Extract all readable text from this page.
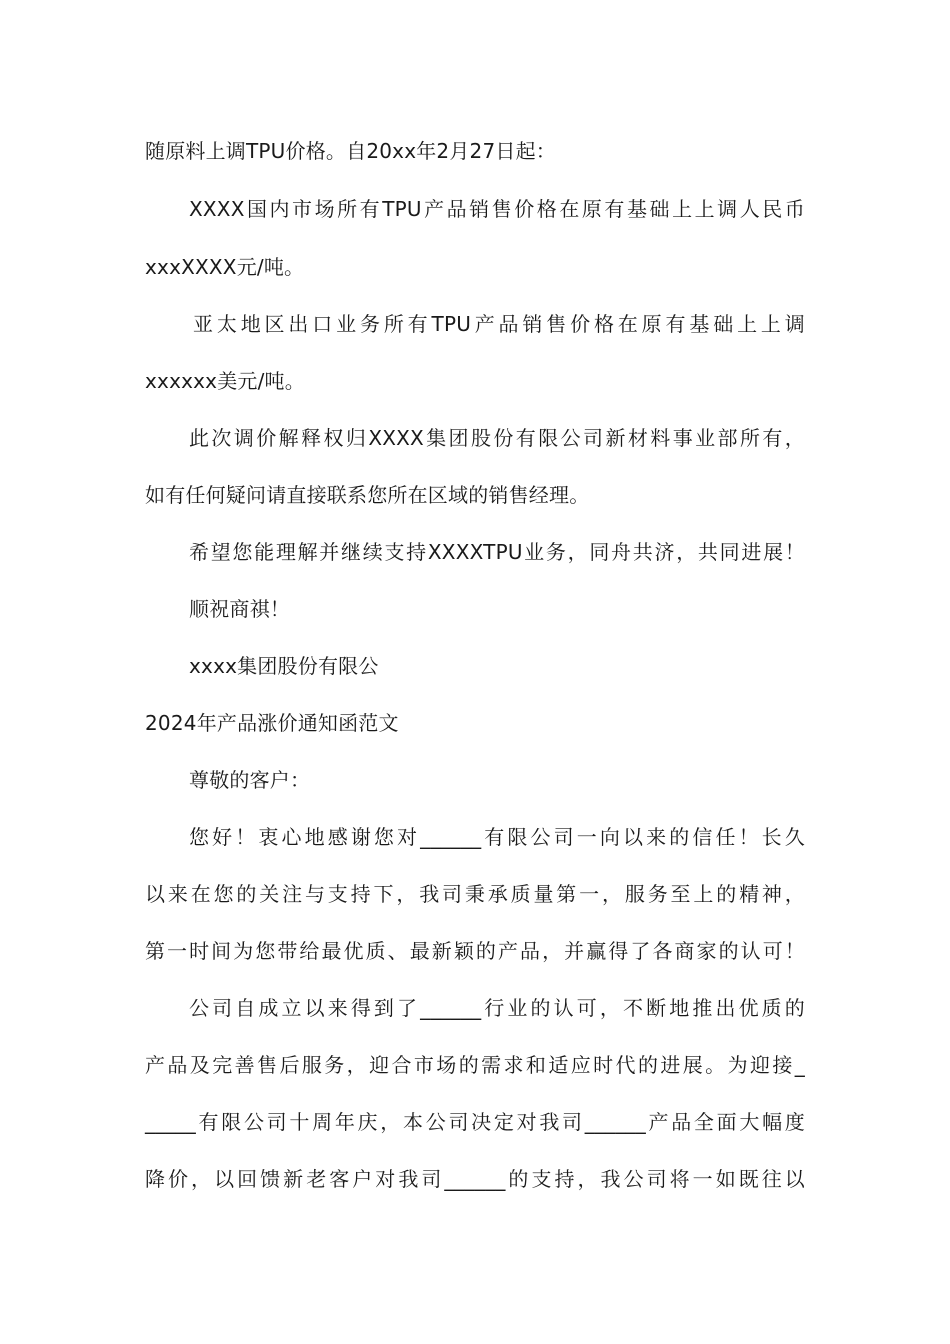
随原料上调TPU价格。自20xx年2月27日起：
XXXX国内市场所有TPU产品销售价格在原有基础上上调人民币
xxxXXXX元/吨。
亚太地区出口业务所有TPU产品销售价格在原有基础上上调
xxxxxx美元/吨。
此次调价解释权归XXXX集团股份有限公司新材料事业部所有，
如有任何疑问请直接联系您所在区域的销售经理。
希望您能理解并继续支持XXXXTPU业务，同舟共济，共同进展！
顺祝商祺！
xxxx集团股份有限公
2024年产品涨价通知函范文
尊敬的客户：
您好！衷心地感谢您对______有限公司一向以来的信任！长久
以来在您的关注与支持下，我司秉承质量第一，服务至上的精神，
第一时间为您带给最优质、最新颖的产品，并赢得了各商家的认可！
公司自成立以来得到了______行业的认可，不断地推出优质的
产品及完善售后服务，迎合市场的需求和适应时代的进展。为迎接_
_____有限公司十周年庆，本公司决定对我司______产品全面大幅度
降价，以回馈新老客户对我司______的支持，我公司将一如既往以
